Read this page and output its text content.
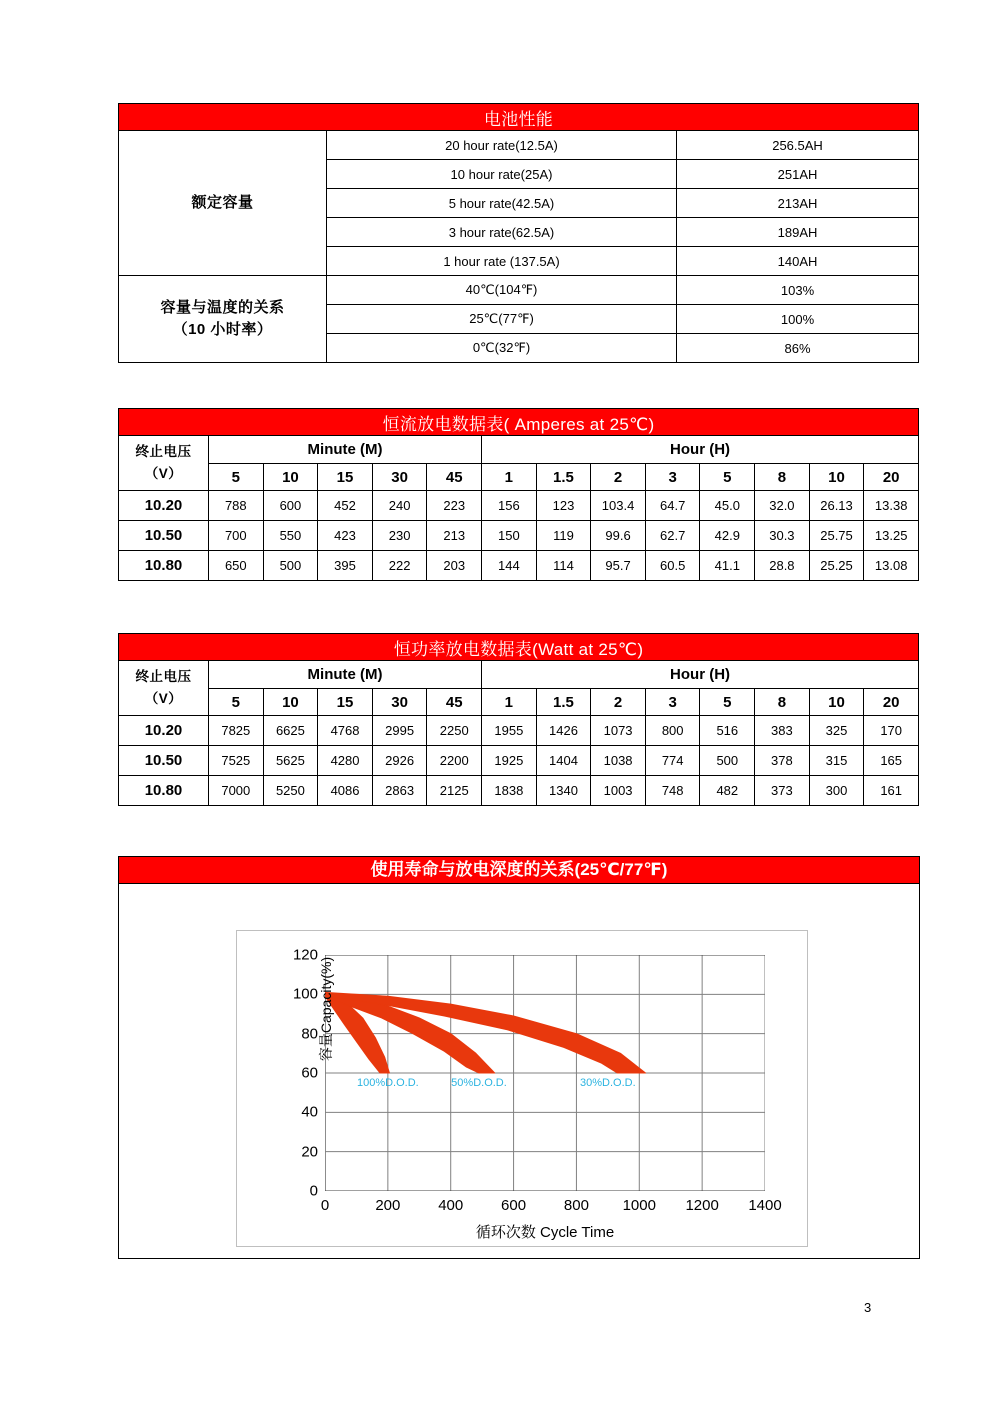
电池性能		
额定容量	20 hour rate(12.5A)	256.5AH
	10 hour rate(25A)	251AH
	5 hour rate(42.5A)	213AH
	3 hour rate(62.5A)	189AH
	1 hour rate (137.5A)	140AH

容量与温度的关系
（10 小时率）	40℃(104℉)	103%
	25℃(77℉)	100%
	0℃(32℉)	86%
恒流放电数据表( Amperes at 25℃)													

终止电压
（V）	Minute (M)					Hour (H)							
	5	10	15	30	45	1	1.5	2	3	5	8	10	20
10.20	788	600	452	240	223	156	123	103.4	64.7	45.0	32.0	26.13	13.38
10.50	700	550	423	230	213	150	119	99.6	62.7	42.9	30.3	25.75	13.25
10.80	650	500	395	222	203	144	114	95.7	60.5	41.1	28.8	25.25	13.08
恒功率放电数据表(Watt at 25℃)													

终止电压
（V）	Minute (M)					Hour (H)							
	5	10	15	30	45	1	1.5	2	3	5	8	10	20
10.20	7825	6625	4768	2995	2250	1955	1426	1073	800	516	383	325	170
10.50	7525	5625	4280	2926	2200	1925	1404	1038	774	500	378	315	165
10.80	7000	5250	4086	2863	2125	1838	1340	1003	748	482	373	300	161
使用寿命与放电深度的关系(25℃/77℉)
容量Capacity(%)
循环次数 Cycle Time
0
20
40
60
80
100
120
0	200	400	600	800 1000 1200 1400
100%D.O.D.	50%D.O.D.	30%D.O.D.
3
